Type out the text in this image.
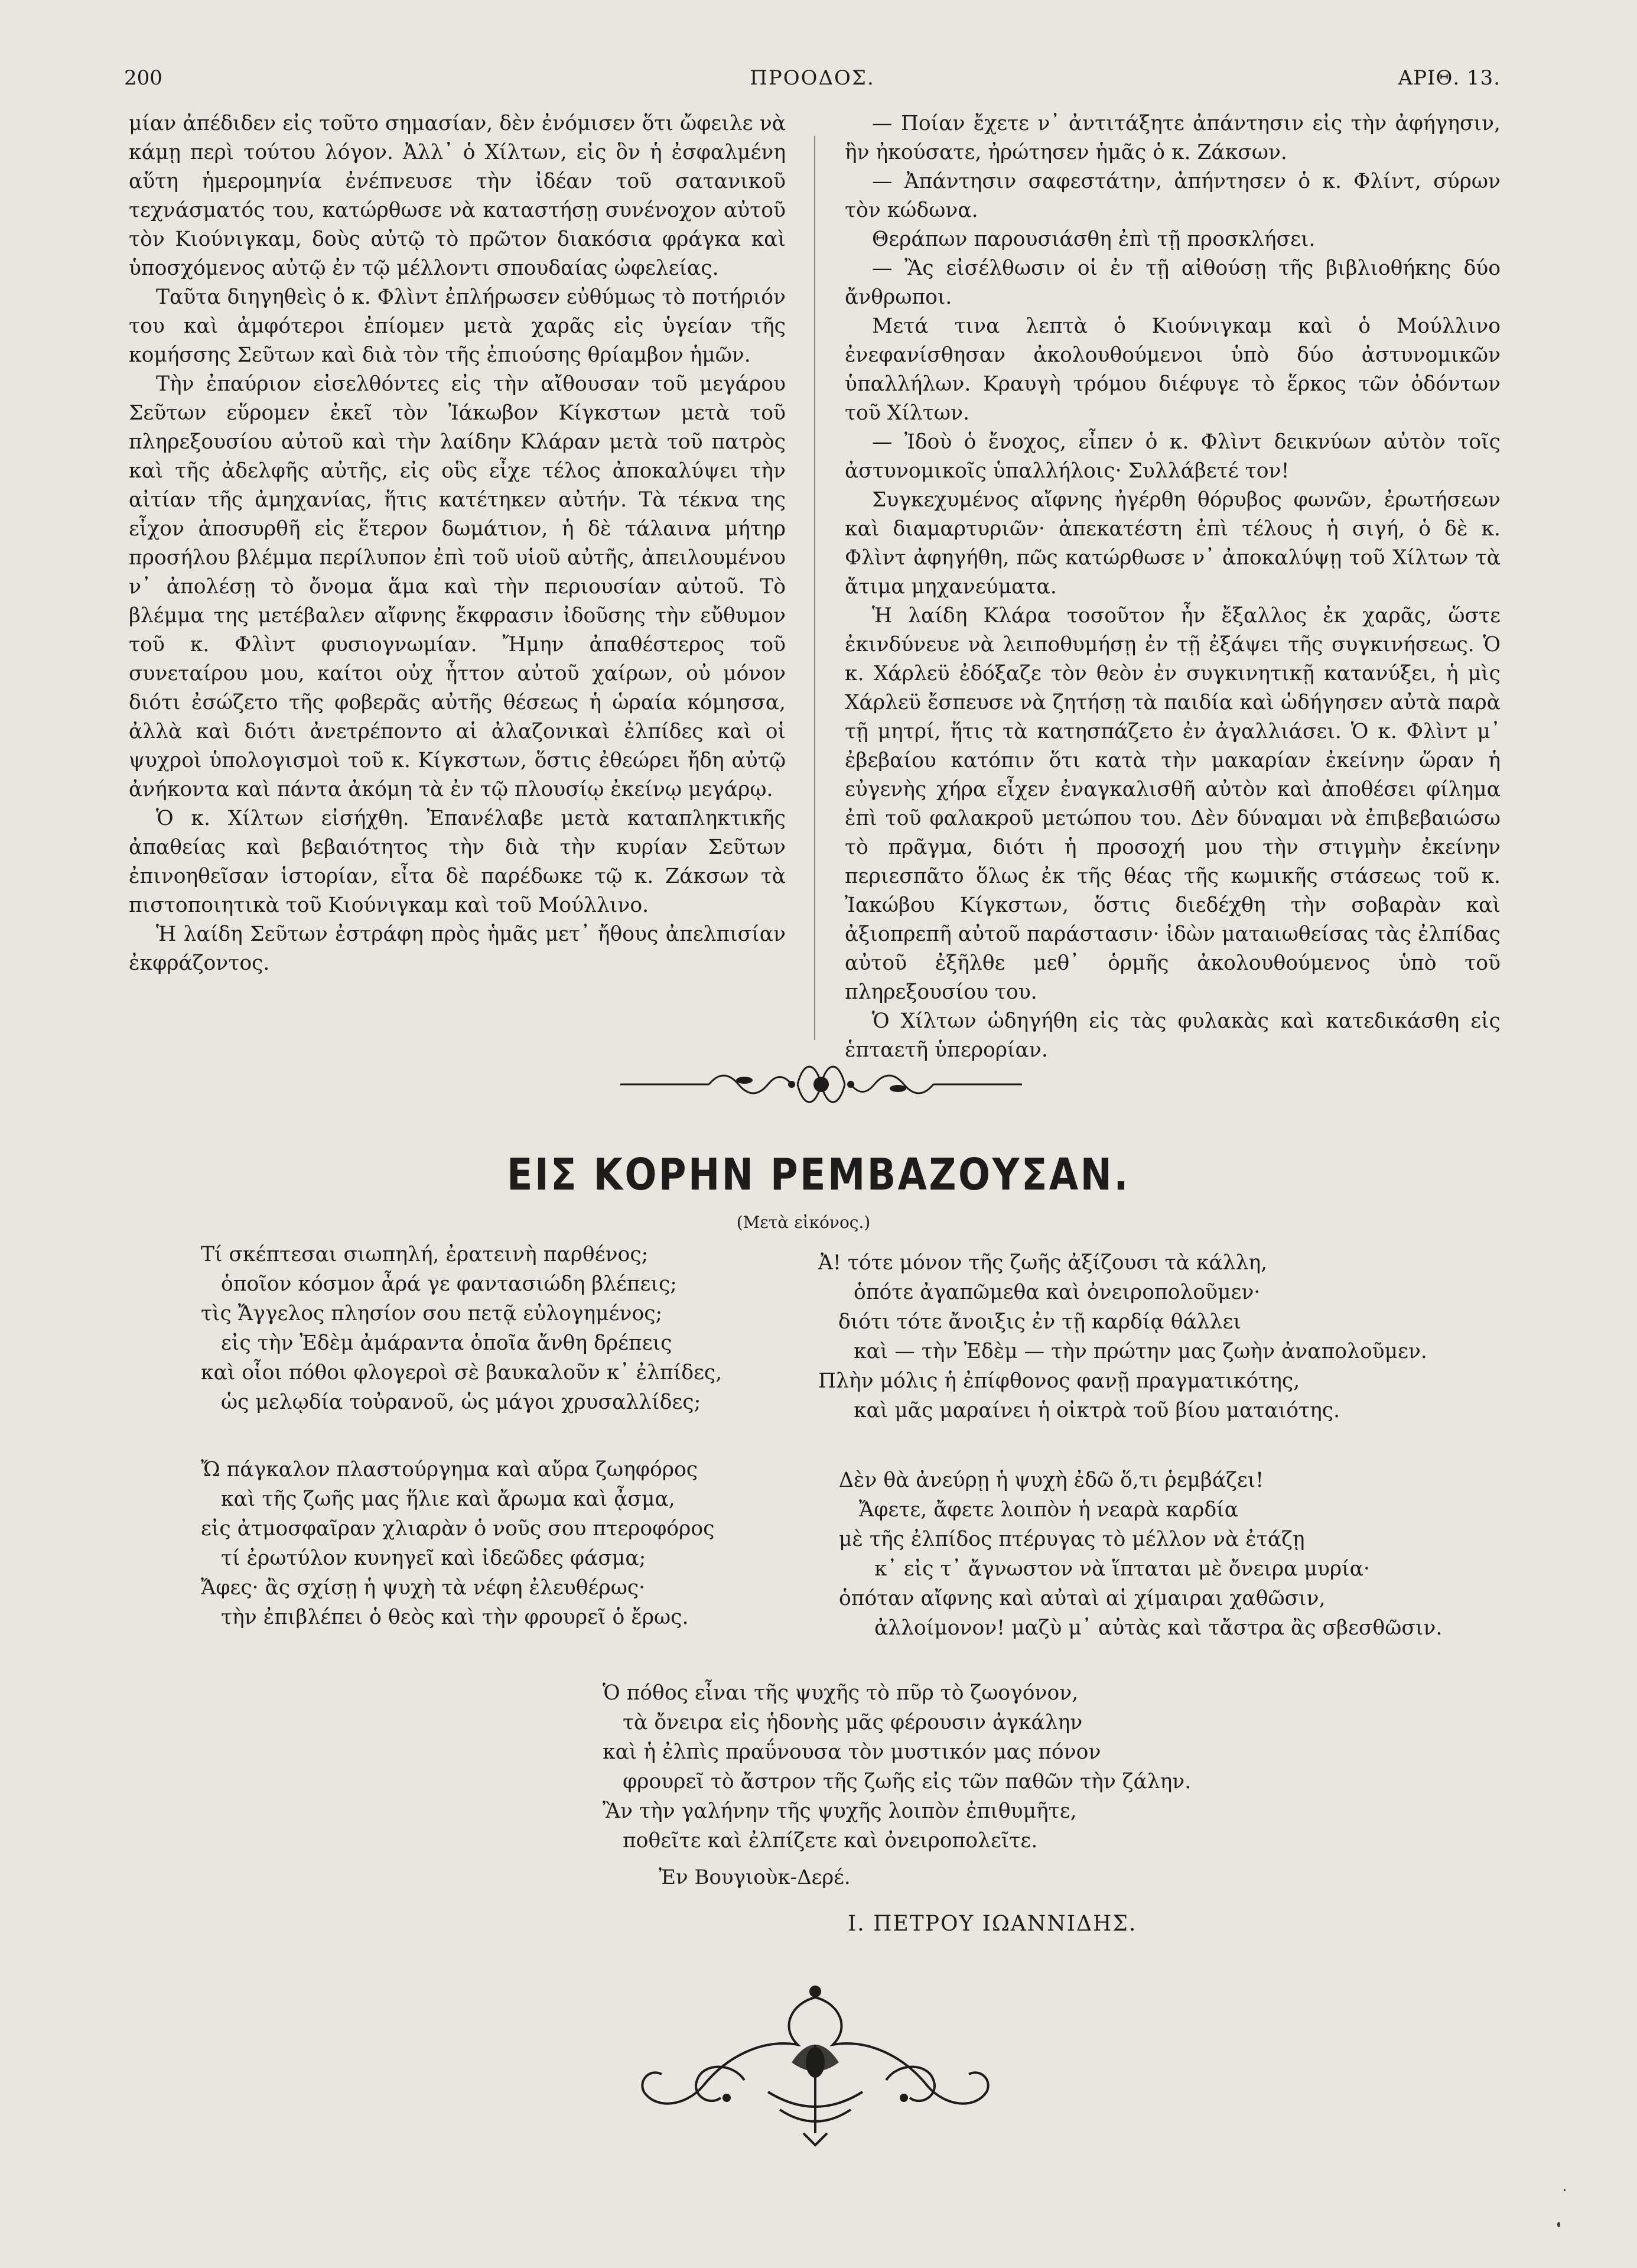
200	ΠΡΟΟΔΟΣ.	ΑΡΙΘ. 13.

μίαν ἀπέδιδεν εἰς τοῦτο σημασίαν, δὲν ἐνόμισεν ὅτι ὤφειλε νὰ κάμῃ περὶ τούτου λόγον. Ἀλλ᾽ ὁ Χίλτων, εἰς ὃν ἡ ἐσφαλμένη αὕτη ἡμερομηνία ἐνέπνευσε τὴν ἰδέαν τοῦ σατανικοῦ τεχνάσματός του, κατώρθωσε νὰ καταστήσῃ συνένοχον αὐτοῦ τὸν Κιούνιγκαμ, δοὺς αὐτῷ τὸ πρῶτον διακόσια φράγκα καὶ ὑποσχόμενος αὐτῷ ἐν τῷ μέλλοντι σπουδαίας ὠφελείας.

Ταῦτα διηγηθεὶς ὁ κ. Φλὶντ ἐπλήρωσεν εὐθύμως τὸ ποτήριόν του καὶ ἀμφότεροι ἐπίομεν μετὰ χαρᾶς εἰς ὑγείαν τῆς κομήσσης Σεῦτων καὶ διὰ τὸν τῆς ἐπιούσης θρίαμβον ἡμῶν.

Τὴν ἐπαύριον εἰσελθόντες εἰς τὴν αἴθουσαν τοῦ μεγάρου Σεῦτων εὕρομεν ἐκεῖ τὸν Ἰάκωβον Κίγκστων μετὰ τοῦ πληρεξουσίου αὐτοῦ καὶ τὴν λαίδην Κλάραν μετὰ τοῦ πατρὸς καὶ τῆς ἀδελφῆς αὐτῆς, εἰς οὓς εἶχε τέλος ἀποκαλύψει τὴν αἰτίαν τῆς ἀμηχανίας, ἥτις κατέτηκεν αὐτήν. Τὰ τέκνα της εἶχον ἀποσυρθῆ εἰς ἕτερον δωμάτιον, ἡ δὲ τάλαινα μήτηρ προσήλου βλέμμα περίλυπον ἐπὶ τοῦ υἱοῦ αὐτῆς, ἀπειλουμένου ν᾽ ἀπολέσῃ τὸ ὄνομα ἅμα καὶ τὴν περιουσίαν αὐτοῦ. Τὸ βλέμμα της μετέβαλεν αἴφνης ἔκφρασιν ἰδοῦσης τὴν εὔθυμον τοῦ κ. Φλὶντ φυσιογνωμίαν. Ἤμην ἀπαθέστερος τοῦ συνεταίρου μου, καίτοι οὐχ ἧττον αὐτοῦ χαίρων, οὐ μόνον διότι ἐσώζετο τῆς φοβερᾶς αὐτῆς θέσεως ἡ ὡραία κόμησσα, ἀλλὰ καὶ διότι ἀνετρέποντο αἱ ἀλαζονικαὶ ἐλπίδες καὶ οἱ ψυχροὶ ὑπολογισμοὶ τοῦ κ. Κίγκστων, ὅστις ἐθεώρει ἤδη αὐτῷ ἀνήκοντα καὶ πάντα ἀκόμη τὰ ἐν τῷ πλουσίῳ ἐκείνῳ μεγάρῳ.

Ὁ κ. Χίλτων εἰσήχθη. Ἐπανέλαβε μετὰ καταπληκτικῆς ἀπαθείας καὶ βεβαιότητος τὴν διὰ τὴν κυρίαν Σεῦτων ἐπινοηθεῖσαν ἱστορίαν, εἶτα δὲ παρέδωκε τῷ κ. Ζάκσων τὰ πιστοποιητικὰ τοῦ Κιούνιγκαμ καὶ τοῦ Μούλλινο.

Ἡ λαίδη Σεῦτων ἐστράφη πρὸς ἡμᾶς μετ᾽ ἤθους ἀπελπισίαν ἐκφράζοντος.

— Ποίαν ἔχετε ν᾽ ἀντιτάξητε ἀπάντησιν εἰς τὴν ἀφήγησιν, ἣν ἠκούσατε, ἠρώτησεν ἡμᾶς ὁ κ. Ζάκσων.

— Ἀπάντησιν σαφεστάτην, ἀπήντησεν ὁ κ. Φλίντ, σύρων τὸν κώδωνα.

Θεράπων παρουσιάσθη ἐπὶ τῇ προσκλήσει.

— Ἂς εἰσέλθωσιν οἱ ἐν τῇ αἰθούσῃ τῆς βιβλιοθήκης δύο ἄνθρωποι.

Μετά τινα λεπτὰ ὁ Κιούνιγκαμ καὶ ὁ Μούλλινο ἐνεφανίσθησαν ἀκολουθούμενοι ὑπὸ δύο ἀστυνομικῶν ὑπαλλήλων. Κραυγὴ τρόμου διέφυγε τὸ ἕρκος τῶν ὀδόντων τοῦ Χίλτων.

— Ἰδοὺ ὁ ἔνοχος, εἶπεν ὁ κ. Φλὶντ δεικνύων αὐτὸν τοῖς ἀστυνομικοῖς ὑπαλλήλοις· Συλλάβετέ τον!

Συγκεχυμένος αἴφνης ἠγέρθη θόρυβος φωνῶν, ἐρωτήσεων καὶ διαμαρτυριῶν· ἀπεκατέστη ἐπὶ τέλους ἡ σιγή, ὁ δὲ κ. Φλὶντ ἀφηγήθη, πῶς κατώρθωσε ν᾽ ἀποκαλύψῃ τοῦ Χίλτων τὰ ἄτιμα μηχανεύματα.

Ἡ λαίδη Κλάρα τοσοῦτον ἦν ἔξαλλος ἐκ χαρᾶς, ὥστε ἐκινδύνευε νὰ λειποθυμήσῃ ἐν τῇ ἐξάψει τῆς συγκινήσεως. Ὁ κ. Χάρλεϋ ἐδόξαζε τὸν θεὸν ἐν συγκινητικῇ κατανύξει, ἡ μὶς Χάρλεϋ ἔσπευσε νὰ ζητήσῃ τὰ παιδία καὶ ὡδήγησεν αὐτὰ παρὰ τῇ μητρί, ἥτις τὰ κατησπάζετο ἐν ἀγαλλιάσει. Ὁ κ. Φλὶντ μ᾽ ἐβεβαίου κατόπιν ὅτι κατὰ τὴν μακαρίαν ἐκείνην ὥραν ἡ εὐγενὴς χήρα εἶχεν ἐναγκαλισθῆ αὐτὸν καὶ ἀποθέσει φίλημα ἐπὶ τοῦ φαλακροῦ μετώπου του. Δὲν δύναμαι νὰ ἐπιβεβαιώσω τὸ πρᾶγμα, διότι ἡ προσοχή μου τὴν στιγμὴν ἐκείνην περιεσπᾶτο ὅλως ἐκ τῆς θέας τῆς κωμικῆς στάσεως τοῦ κ. Ἰακώβου Κίγκστων, ὅστις διεδέχθη τὴν σοβαρὰν καὶ ἀξιοπρεπῆ αὐτοῦ παράστασιν· ἰδὼν ματαιωθείσας τὰς ἐλπίδας αὐτοῦ ἐξῆλθε μεθ᾽ ὁρμῆς ἀκολουθούμενος ὑπὸ τοῦ πληρεξουσίου του.

Ὁ Χίλτων ὡδηγήθη εἰς τὰς φυλακὰς καὶ κατεδικάσθη εἰς ἑπταετῆ ὑπερορίαν.

ΕΙΣ ΚΟΡΗΝ ΡΕΜΒΑΖΟΥΣΑΝ.
(Μετὰ εἰκόνος.)
Τί σκέπτεσαι σιωπηλή, ἐρατεινὴ παρθένος;
ὁποῖον κόσμον ἆρά γε φαντασιώδη βλέπεις;
τὶς Ἄγγελος πλησίον σου πετᾷ εὐλογημένος;
εἰς τὴν Ἐδὲμ ἀμάραντα ὁποῖα ἄνθη δρέπεις
καὶ οἷοι πόθοι φλογεροὶ σὲ βαυκαλοῦν κ᾽ ἐλπίδες,
ὡς μελῳδία τοὐρανοῦ, ὡς μάγοι χρυσαλλίδες;
Ὤ πάγκαλον πλαστούργημα καὶ αὔρα ζωηφόρος
καὶ τῆς ζωῆς μας ἥλιε καὶ ἄρωμα καὶ ᾆσμα,
εἰς ἀτμοσφαῖραν χλιαρὰν ὁ νοῦς σου πτεροφόρος
τί ἐρωτύλον κυνηγεῖ καὶ ἰδεῶδες φάσμα;
Ἄφες· ἂς σχίσῃ ἡ ψυχὴ τὰ νέφη ἐλευθέρως·
τὴν ἐπιβλέπει ὁ θεὸς καὶ τὴν φρουρεῖ ὁ ἔρως.
Ἀ! τότε μόνον τῆς ζωῆς ἀξίζουσι τὰ κάλλη,
ὁπότε ἀγαπῶμεθα καὶ ὀνειροπολοῦμεν·
διότι τότε ἄνοιξις ἐν τῇ καρδίᾳ θάλλει
καὶ — τὴν Ἐδὲμ — τὴν πρώτην μας ζωὴν ἀναπολοῦμεν.
Πλὴν μόλις ἡ ἐπίφθονος φανῇ πραγματικότης,
καὶ μᾶς μαραίνει ἡ οἰκτρὰ τοῦ βίου ματαιότης.
Δὲν θὰ ἀνεύρῃ ἡ ψυχὴ ἐδῶ ὅ,τι ῥεμβάζει!
Ἄφετε, ἄφετε λοιπὸν ἡ νεαρὰ καρδία
μὲ τῆς ἐλπίδος πτέρυγας τὸ μέλλον νὰ ἐτάζῃ
κ᾽ εἰς τ᾽ ἄγνωστον νὰ ἵπταται μὲ ὄνειρα μυρία·
ὁπόταν αἴφνης καὶ αὐταὶ αἱ χίμαιραι χαθῶσιν,
ἀλλοίμονον! μαζὺ μ᾽ αὐτὰς καὶ τἄστρα ἂς σβεσθῶσιν.
Ὁ πόθος εἶναι τῆς ψυχῆς τὸ πῦρ τὸ ζωογόνον,
τὰ ὄνειρα εἰς ἡδονὴς μᾶς φέρουσιν ἀγκάλην
καὶ ἡ ἐλπὶς πραΰνουσα τὸν μυστικόν μας πόνον
φρουρεῖ τὸ ἄστρον τῆς ζωῆς εἰς τῶν παθῶν τὴν ζάλην.
Ἂν τὴν γαλήνην τῆς ψυχῆς λοιπὸν ἐπιθυμῆτε,
ποθεῖτε καὶ ἐλπίζετε καὶ ὀνειροπολεῖτε.
Ἐν Βουγιοὺκ-Δερέ.
Ι. ΠΕΤΡΟΥ ΙΩΑΝΝΙΔΗΣ.
